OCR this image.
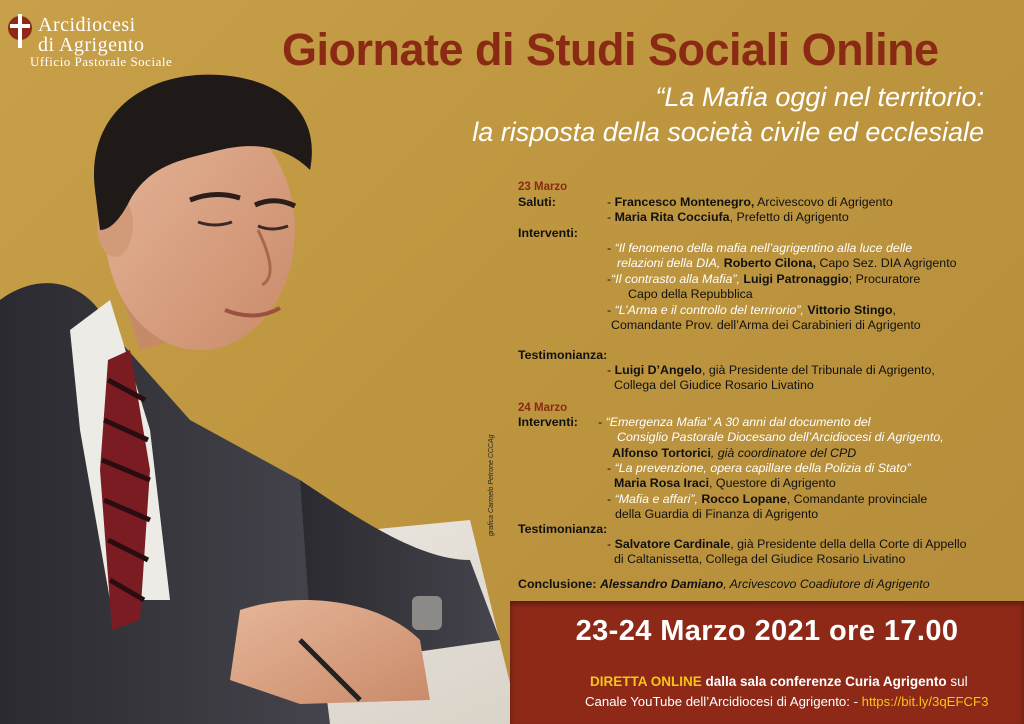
Arcidiocesi
di Agrigento
Ufficio Pastorale Sociale Giornate di Studi Sociali Online
“La Mafia oggi nel territorio:
la risposta della società civile ed ecclesiale
23 Marzo
Saluti:	- Francesco Montenegro, Arcivescovo di Agrigento
- Maria Rita Cocciufa, Prefetto di Agrigento
Interventi:
- “Il fenomeno della mafia nell’agrigentino alla luce delle
relazioni della DIA, Roberto Cilona, Capo Sez. DIA Agrigento
-“Il contrasto alla Mafia”, Luigi Patronaggio; Procuratore
Capo della Repubblica
- “L’Arma e il controllo del terrirorio”, Vittorio Stingo,
Comandante Prov. dell’Arma dei Carabinieri di Agrigento
Testimonianza:
- Luigi D’Angelo, già Presidente del Tribunale di Agrigento,
Collega del Giudice Rosario Livatino
24 Marzo
Interventi: - “Emergenza Mafia” A 30 anni dal documento del
Consiglio Pastorale Diocesano dell’Arcidiocesi di Agrigento,
Alfonso Tortorici, già coordinatore del CPD
- “La prevenzione, opera capillare della Polizia di Stato”
Maria Rosa Iraci, Questore di Agrigento
- “Mafia e affari”, Rocco Lopane, Comandante provinciale
della Guardia di Finanza di Agrigento
Testimonianza:
- Salvatore Cardinale, già Presidente della della Corte di Appello
di Caltanissetta, Collega del Giudice Rosario Livatino
Conclusione: Alessandro Damiano, Arcivescovo Coadiutore di Agrigento
23-24 Marzo 2021 ore 17.00
DIRETTA ONLINE dalla sala conferenze Curia Agrigento sul
Canale YouTube dell’Arcidiocesi di Agrigento: - https://bit.ly/3qEFCF3
grafica Carmelo Petrone CCCAg
